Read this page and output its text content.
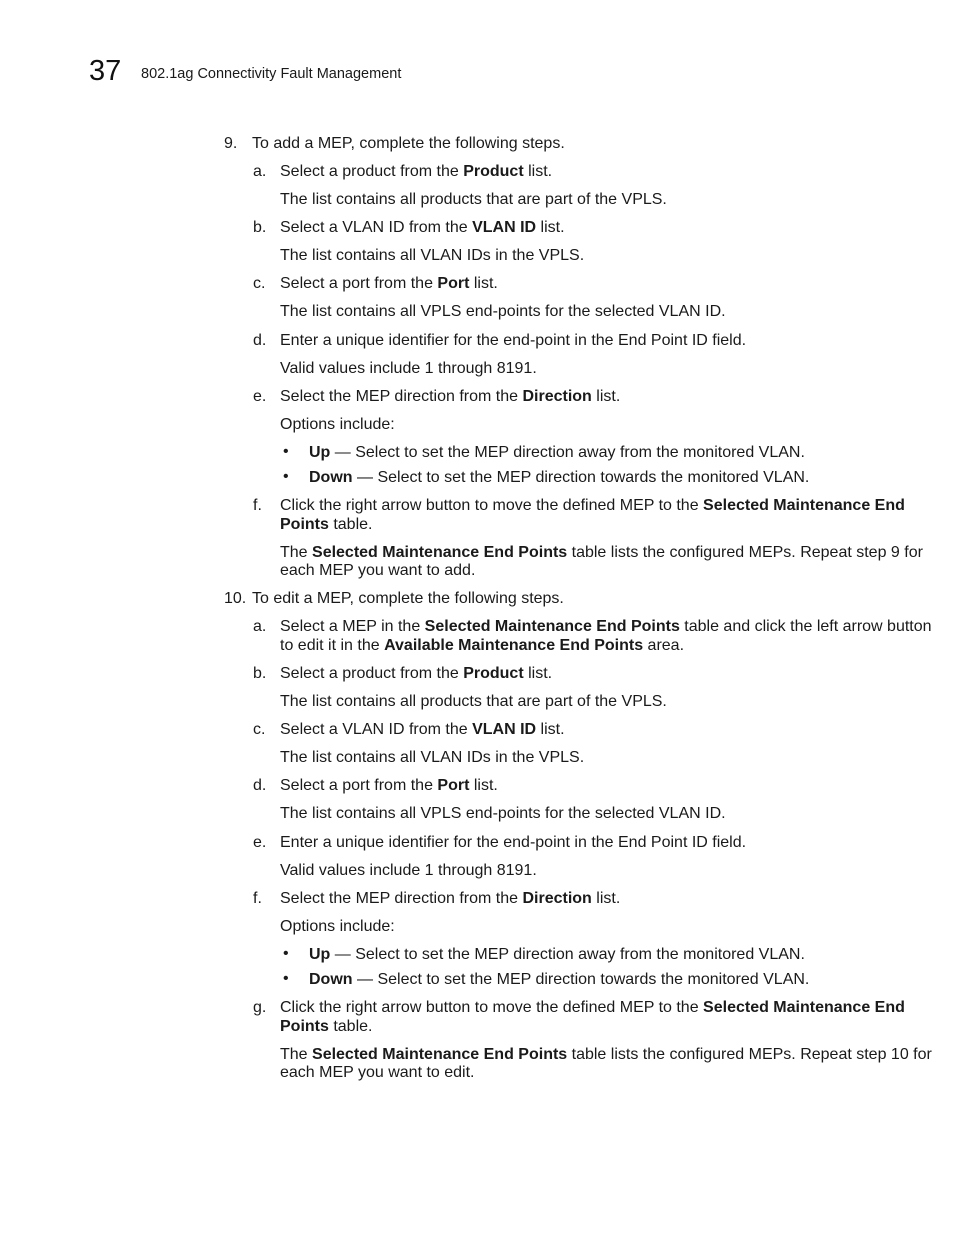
37 802.1ag Connectivity Fault Management
9. To add a MEP, complete the following steps.
a. Select a product from the Product list.
The list contains all products that are part of the VPLS.
b. Select a VLAN ID from the VLAN ID list.
The list contains all VLAN IDs in the VPLS.
c. Select a port from the Port list.
The list contains all VPLS end-points for the selected VLAN ID.
d. Enter a unique identifier for the end-point in the End Point ID field.
Valid values include 1 through 8191.
e. Select the MEP direction from the Direction list.
Options include:
• Up — Select to set the MEP direction away from the monitored VLAN.
• Down — Select to set the MEP direction towards the monitored VLAN.
f. Click the right arrow button to move the defined MEP to the Selected Maintenance End
Points table.
The Selected Maintenance End Points table lists the configured MEPs. Repeat step 9 for
each MEP you want to add.
10. To edit a MEP, complete the following steps.
a. Select a MEP in the Selected Maintenance End Points table and click the left arrow button
to edit it in the Available Maintenance End Points area.
b. Select a product from the Product list.
The list contains all products that are part of the VPLS.
c. Select a VLAN ID from the VLAN ID list.
The list contains all VLAN IDs in the VPLS.
d. Select a port from the Port list.
The list contains all VPLS end-points for the selected VLAN ID.
e. Enter a unique identifier for the end-point in the End Point ID field.
Valid values include 1 through 8191.
f. Select the MEP direction from the Direction list.
Options include:
• Up — Select to set the MEP direction away from the monitored VLAN.
• Down — Select to set the MEP direction towards the monitored VLAN.
g. Click the right arrow button to move the defined MEP to the Selected Maintenance End
Points table.
The Selected Maintenance End Points table lists the configured MEPs. Repeat step 10 for
each MEP you want to edit.
